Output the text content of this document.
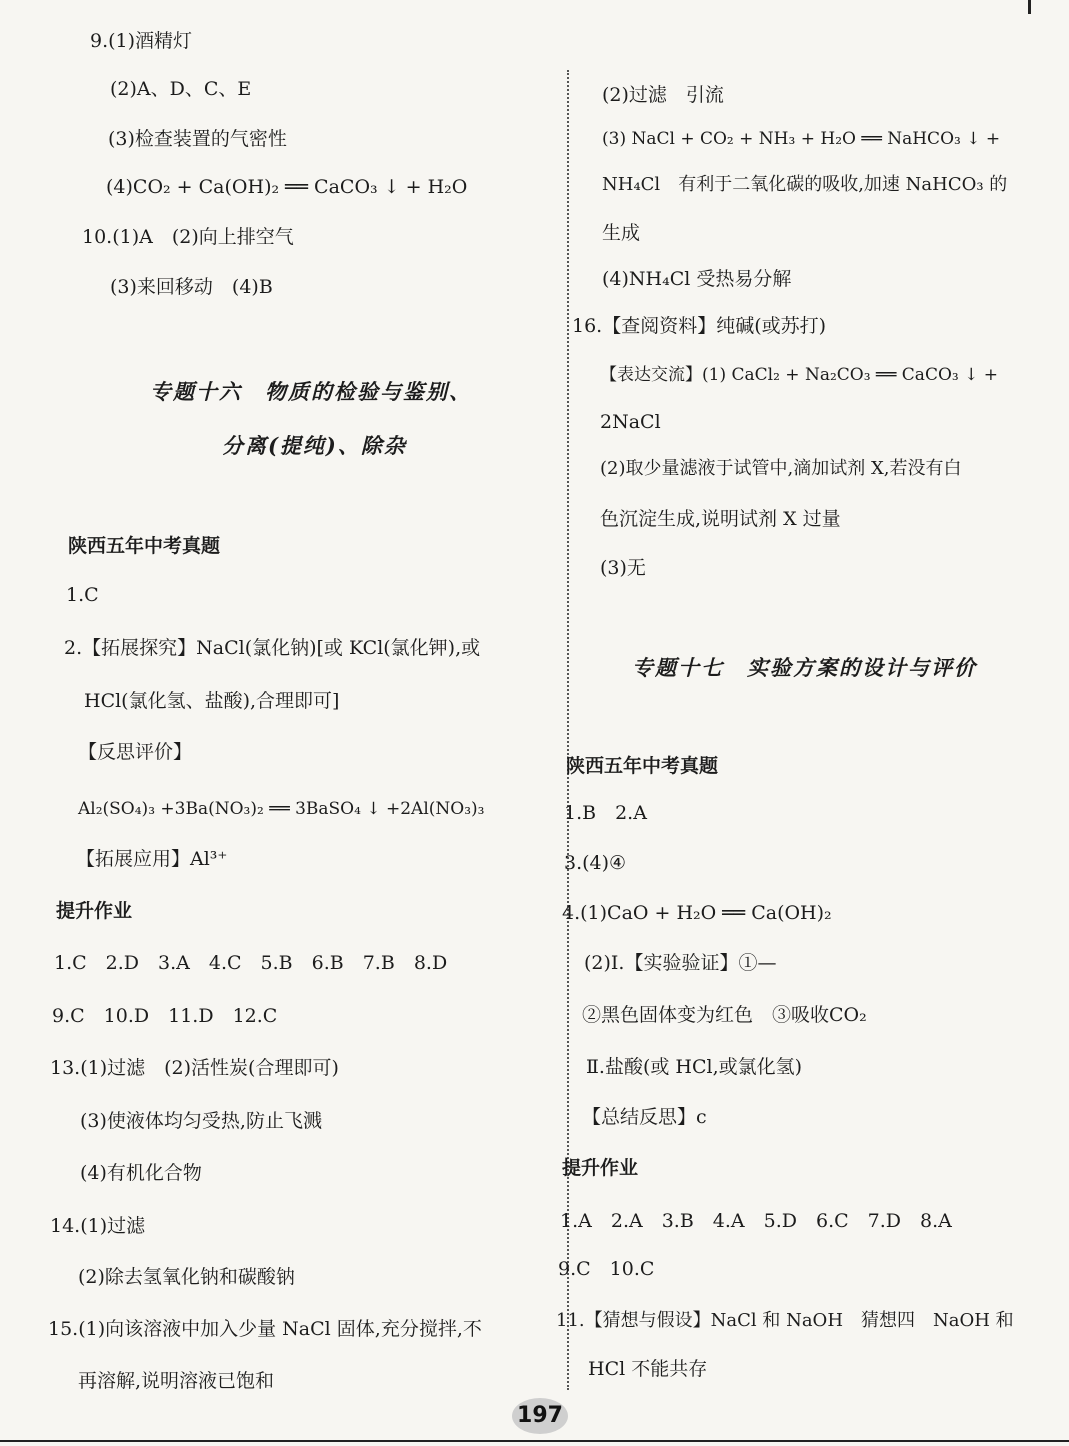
9.(1)酒精灯
(2)A、D、C、E
(3)检查装置的气密性
(4)CO₂ + Ca(OH)₂ ══ CaCO₃ ↓ + H₂O
10.(1)A　(2)向上排空气
(3)来回移动　(4)B
专题十六　物质的检验与鉴别、
分离(提纯)、除杂
陕西五年中考真题
1.C
2.【拓展探究】NaCl(氯化钠)[或 KCl(氯化钾),或
HCl(氯化氢、盐酸),合理即可]
【反思评价】
Al₂(SO₄)₃ +3Ba(NO₃)₂ ══ 3BaSO₄ ↓ +2Al(NO₃)₃
【拓展应用】Al³⁺
提升作业
1.C　2.D　3.A　4.C　5.B　6.B　7.B　8.D
9.C　10.D　11.D　12.C
13.(1)过滤　(2)活性炭(合理即可)
(3)使液体均匀受热,防止飞溅
(4)有机化合物
14.(1)过滤
(2)除去氢氧化钠和碳酸钠
15.(1)向该溶液中加入少量 NaCl 固体,充分搅拌,不
再溶解,说明溶液已饱和
(2)过滤　引流
(3) NaCl + CO₂ + NH₃ + H₂O ══ NaHCO₃ ↓ +
NH₄Cl　有利于二氧化碳的吸收,加速 NaHCO₃ 的
生成
(4)NH₄Cl 受热易分解
16.【查阅资料】纯碱(或苏打)
【表达交流】(1) CaCl₂ + Na₂CO₃ ══ CaCO₃ ↓ +
2NaCl
(2)取少量滤液于试管中,滴加试剂 X,若没有白
色沉淀生成,说明试剂 X 过量
(3)无
专题十七　实验方案的设计与评价
陕西五年中考真题
1.B　2.A
3.(4)④
4.(1)CaO + H₂O ══ Ca(OH)₂
(2)Ⅰ.【实验验证】①—
②黑色固体变为红色　③吸收CO₂
Ⅱ.盐酸(或 HCl,或氯化氢)
【总结反思】c
提升作业
1.A　2.A　3.B　4.A　5.D　6.C　7.D　8.A
9.C　10.C
11.【猜想与假设】NaCl 和 NaOH　猜想四　NaOH 和
HCl 不能共存
197
